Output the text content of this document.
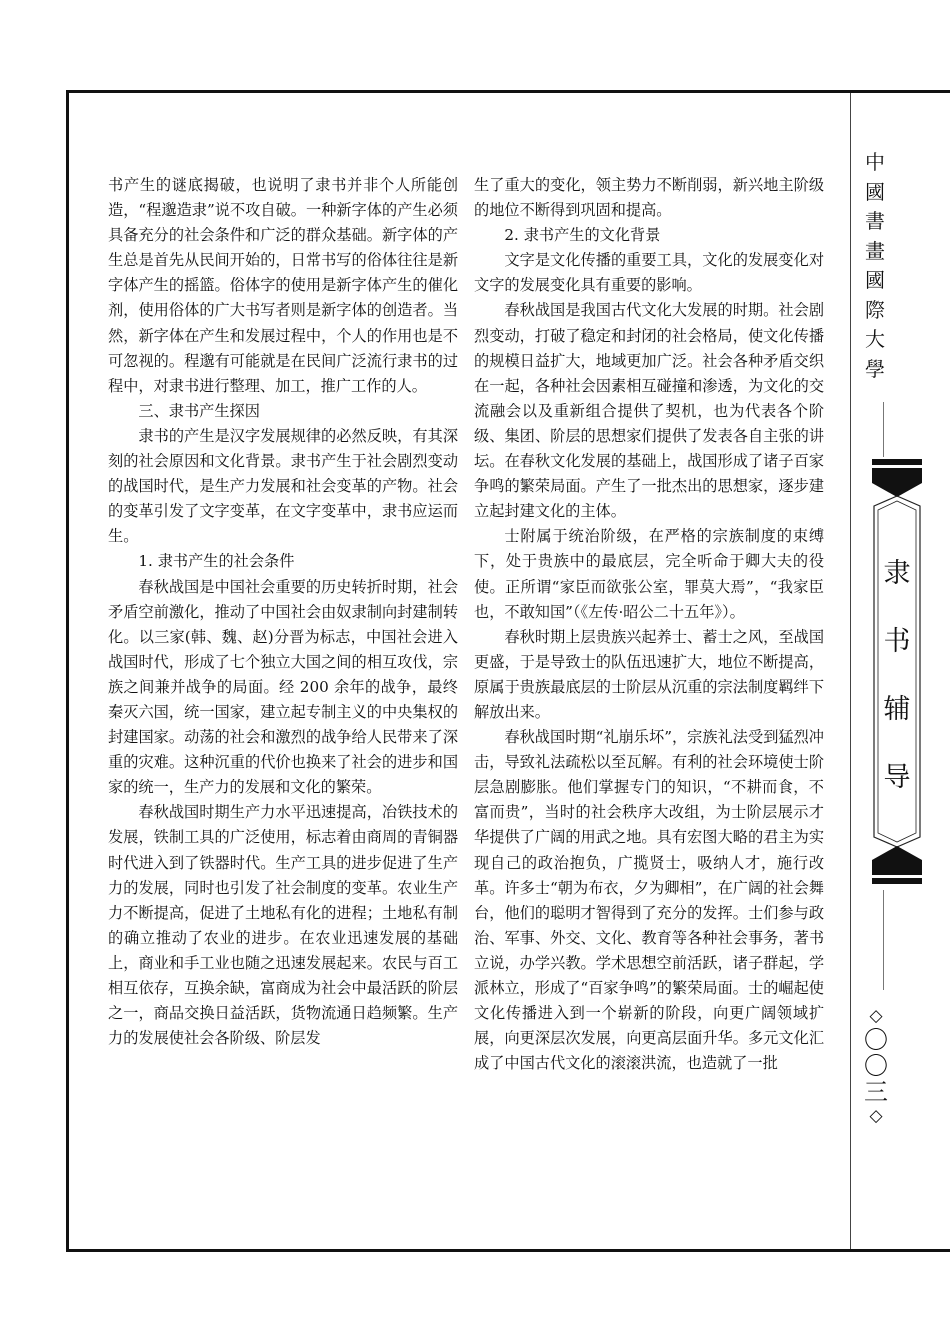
书产生的谜底揭破，也说明了隶书并非个人所能创造，“程邈造隶”说不攻自破。一种新字体的产生必须具备充分的社会条件和广泛的群众基础。新字体的产生总是首先从民间开始的，日常书写的俗体往往是新字体产生的摇篮。俗体字的使用是新字体产生的催化剂，使用俗体的广大书写者则是新字体的创造者。当然，新字体在产生和发展过程中，个人的作用也是不可忽视的。程邈有可能就是在民间广泛流行隶书的过程中，对隶书进行整理、加工，推广工作的人。

三、隶书产生探因

隶书的产生是汉字发展规律的必然反映，有其深刻的社会原因和文化背景。隶书产生于社会剧烈变动的战国时代，是生产力发展和社会变革的产物。社会的变革引发了文字变革，在文字变革中，隶书应运而生。

1. 隶书产生的社会条件

春秋战国是中国社会重要的历史转折时期，社会矛盾空前激化，推动了中国社会由奴隶制向封建制转化。以三家(韩、魏、赵)分晋为标志，中国社会进入战国时代，形成了七个独立大国之间的相互攻伐，宗族之间兼并战争的局面。经 200 余年的战争，最终秦灭六国，统一国家，建立起专制主义的中央集权的封建国家。动荡的社会和激烈的战争给人民带来了深重的灾难。这种沉重的代价也换来了社会的进步和国家的统一，生产力的发展和文化的繁荣。

春秋战国时期生产力水平迅速提高，冶铁技术的发展，铁制工具的广泛使用，标志着由商周的青铜器时代进入到了铁器时代。生产工具的进步促进了生产力的发展，同时也引发了社会制度的变革。农业生产力不断提高，促进了土地私有化的进程；土地私有制的确立推动了农业的进步。在农业迅速发展的基础上，商业和手工业也随之迅速发展起来。农民与百工相互依存，互换余缺，富商成为社会中最活跃的阶层之一，商品交换日益活跃，货物流通日趋频繁。生产力的发展使社会各阶级、阶层发

生了重大的变化，领主势力不断削弱，新兴地主阶级的地位不断得到巩固和提高。

2. 隶书产生的文化背景

文字是文化传播的重要工具，文化的发展变化对文字的发展变化具有重要的影响。

春秋战国是我国古代文化大发展的时期。社会剧烈变动，打破了稳定和封闭的社会格局，使文化传播的规模日益扩大，地域更加广泛。社会各种矛盾交织在一起，各种社会因素相互碰撞和渗透，为文化的交流融会以及重新组合提供了契机，也为代表各个阶级、集团、阶层的思想家们提供了发表各自主张的讲坛。在春秋文化发展的基础上，战国形成了诸子百家争鸣的繁荣局面。产生了一批杰出的思想家，逐步建立起封建文化的主体。

士附属于统治阶级，在严格的宗族制度的束缚下，处于贵族中的最底层，完全听命于卿大夫的役使。正所谓“家臣而欲张公室，罪莫大焉”，“我家臣也，不敢知国”（《左传·昭公二十五年》）。

春秋时期上层贵族兴起养士、蓄士之风，至战国更盛，于是导致士的队伍迅速扩大，地位不断提高，原属于贵族最底层的士阶层从沉重的宗法制度羁绊下解放出来。

春秋战国时期“礼崩乐坏”，宗族礼法受到猛烈冲击，导致礼法疏松以至瓦解。有利的社会环境使士阶层急剧膨胀。他们掌握专门的知识，“不耕而食，不富而贵”，当时的社会秩序大改组，为士阶层展示才华提供了广阔的用武之地。具有宏图大略的君主为实现自己的政治抱负，广揽贤士，吸纳人才，施行改革。许多士“朝为布衣，夕为卿相”，在广阔的社会舞台，他们的聪明才智得到了充分的发挥。士们参与政治、军事、外交、文化、教育等各种社会事务，著书立说，办学兴教。学术思想空前活跃，诸子群起，学派林立，形成了“百家争鸣”的繁荣局面。士的崛起使文化传播进入到一个崭新的阶段，向更广阔领域扩展，向更深层次发展，向更高层面升华。多元文化汇成了中国古代文化的滚滚洪流，也造就了一批

中
國
書
畫
國
際
大
學
隶
书
辅
导
◇
〇
〇
三
◇
